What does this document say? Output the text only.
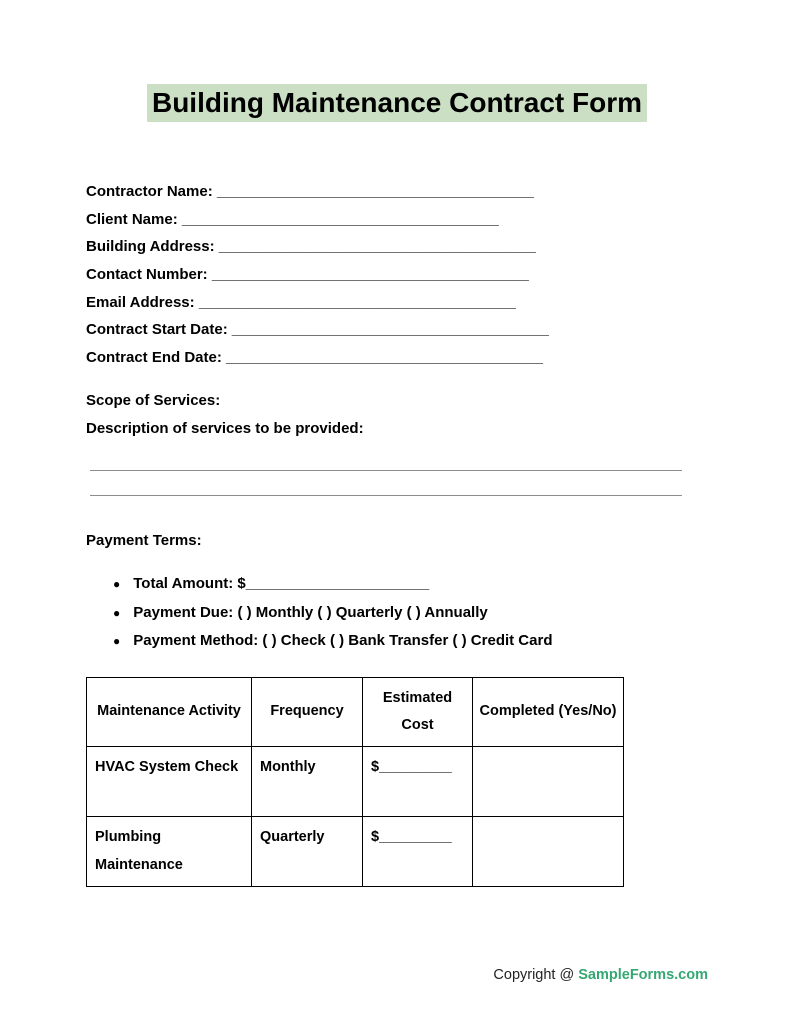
Building Maintenance Contract Form
Contractor Name: ______________________________________
Client Name: ______________________________________
Building Address: ______________________________________
Contact Number: ______________________________________
Email Address: ______________________________________
Contract Start Date: ______________________________________
Contract End Date: ______________________________________
Scope of Services:
Description of services to be provided:
____________________________________________________________________________
____________________________________________________________________________
Payment Terms:
● Total Amount: $______________________
● Payment Due: ( ) Monthly ( ) Quarterly ( ) Annually
● Payment Method: ( ) Check ( ) Bank Transfer ( ) Credit Card
Maintenance Activity	Frequency	Estimated Cost	Completed (Yes/No)
HVAC System Check	Monthly	$_________	
Plumbing Maintenance	Quarterly	$_________	
Copyright @ SampleForms.com
